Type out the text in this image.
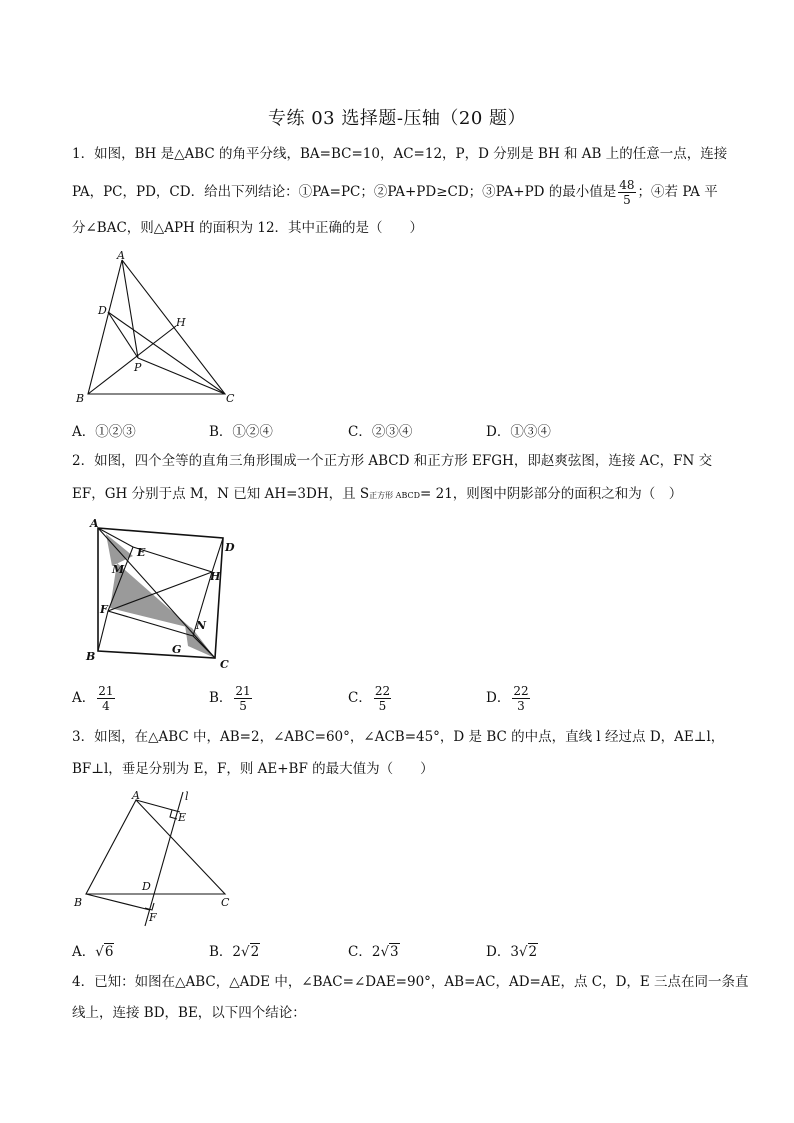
专练 03 选择题-压轴（20 题）
1．如图，BH 是△ABC 的角平分线，BA=BC=10，AC=12，P，D 分别是 BH 和 AB 上的任意一点，连接
PA，PC，PD，CD．给出下列结论：①PA=PC；②PA+PD≥CD；③PA+PD 的最小值是 $\frac{48}{5}$ ；④若 PA 平
分∠BAC，则△APH 的面积为 12．其中正确的是（　　）
A
D
H
P
B	C
A．①②③	B．①②④	C．②③④	D．①③④
2．如图，四个全等的直角三角形围成一个正方形 ABCD 和正方形 EFGH，即赵爽弦图，连接 AC，FN 交
EF，GH 分别于点 M，N 已知 AH=3DH，且 S正方形 ABCD= 21，则图中阴影部分的面积之和为（　）
A
D
E
H
M
F
N
G
B
C
A． $\frac{21}{4}$	B． $\frac{21}{5}$	C． $\frac{22}{5}$	D． $\frac{22}{3}$
3．如图，在△ABC 中，AB=2，∠ABC=60°，∠ACB=45°，D 是 BC 的中点，直线 l 经过点 D，AE⊥l，
BF⊥l，垂足分别为 E，F，则 AE+BF 的最大值为（　　）
A	l
E
D
B	C
F
A．√6	B．2√2	C．2√3	D．3√2
4．已知：如图在△ABC，△ADE 中，∠BAC=∠DAE=90°，AB=AC，AD=AE，点 C，D，E 三点在同一条直
线上，连接 BD，BE，以下四个结论：
